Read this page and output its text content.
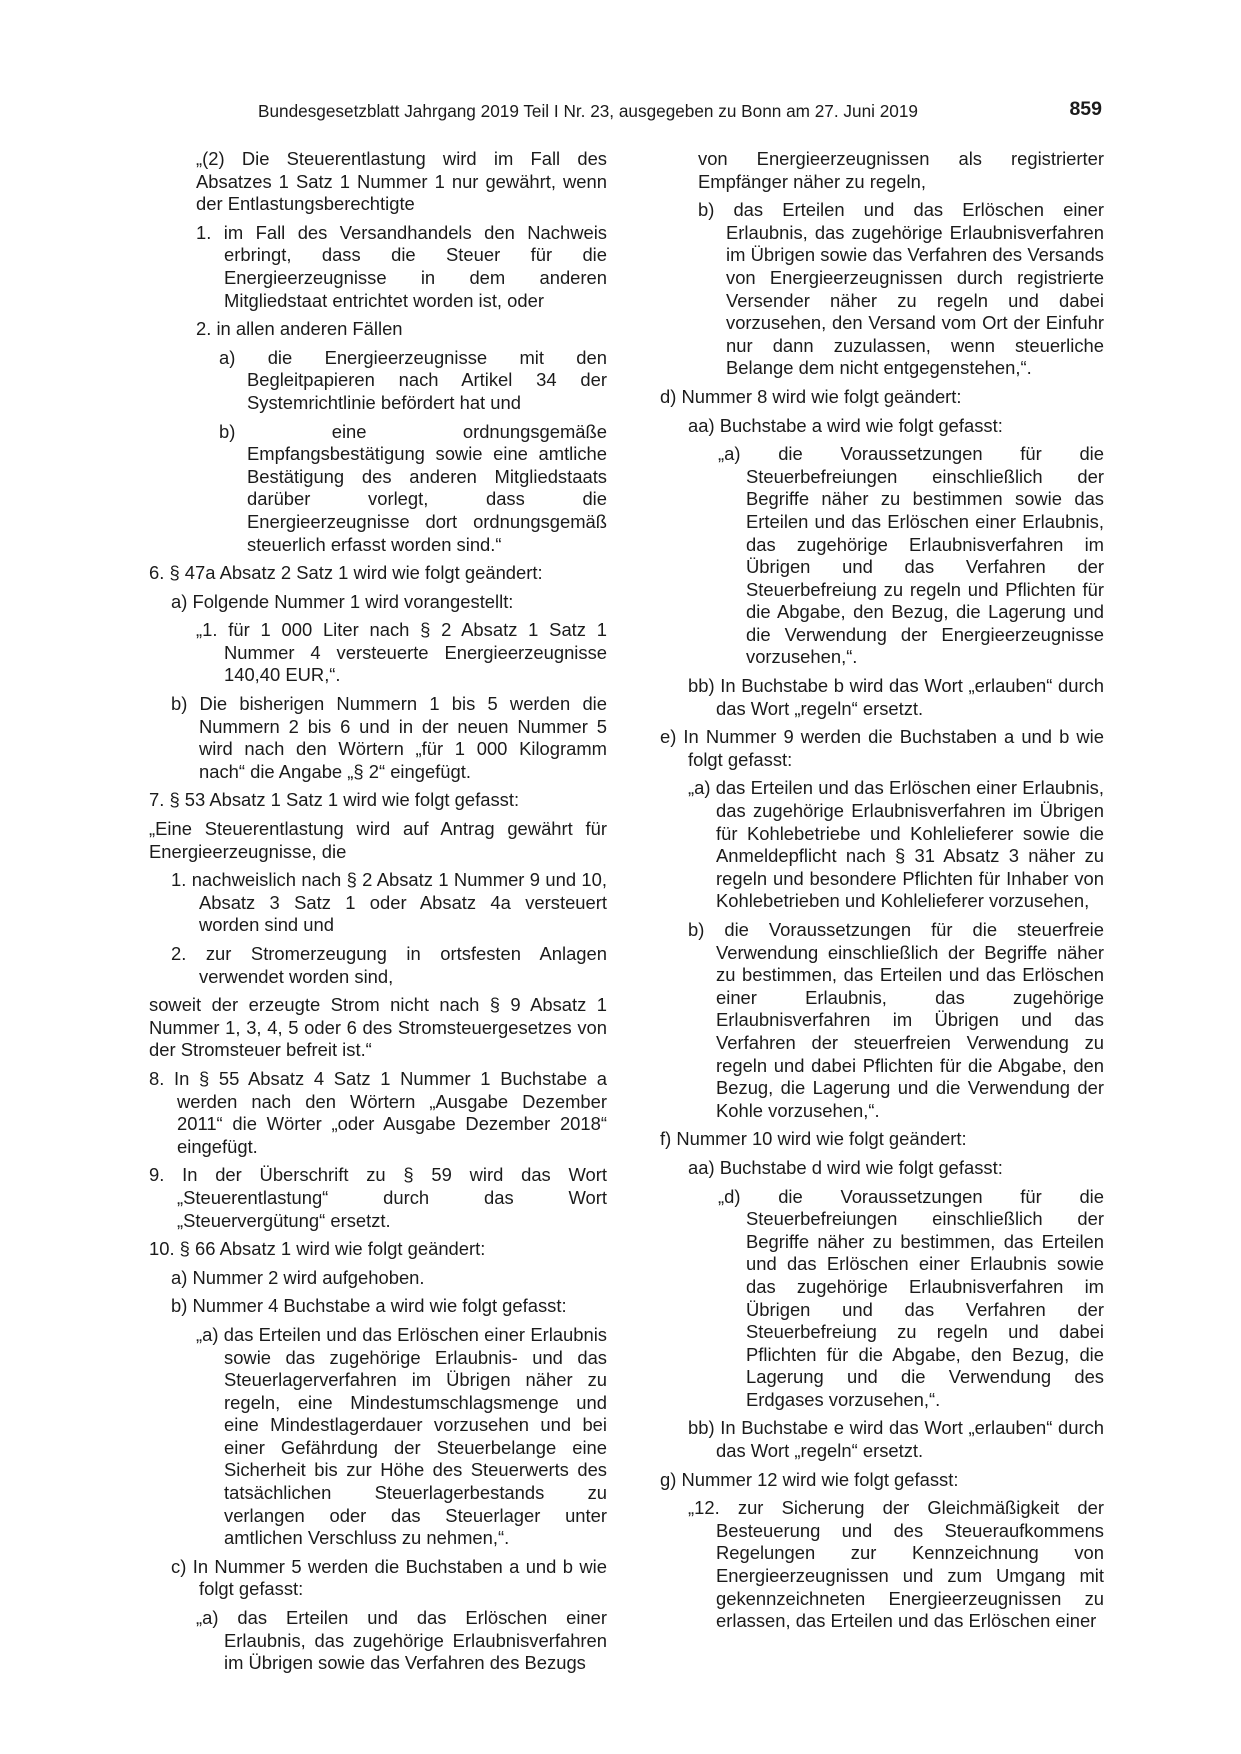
Bundesgesetzblatt Jahrgang 2019 Teil I Nr. 23, ausgegeben zu Bonn am 27. Juni 2019	859

„(2) Die Steuerentlastung wird im Fall des Absatzes 1 Satz 1 Nummer 1 nur gewährt, wenn der Entlastungsberechtigte

1. im Fall des Versandhandels den Nachweis erbringt, dass die Steuer für die Energieerzeugnisse in dem anderen Mitgliedstaat entrichtet worden ist, oder

2. in allen anderen Fällen

a) die Energieerzeugnisse mit den Begleitpapieren nach Artikel 34 der Systemrichtlinie befördert hat und

b) eine ordnungsgemäße Empfangsbestätigung sowie eine amtliche Bestätigung des anderen Mitgliedstaats darüber vorlegt, dass die Energieerzeugnisse dort ordnungsgemäß steuerlich erfasst worden sind.“

6. § 47a Absatz 2 Satz 1 wird wie folgt geändert:

a) Folgende Nummer 1 wird vorangestellt:

„1. für 1 000 Liter nach § 2 Absatz 1 Satz 1 Nummer 4 versteuerte Energieerzeugnisse 140,40 EUR,“.

b) Die bisherigen Nummern 1 bis 5 werden die Nummern 2 bis 6 und in der neuen Nummer 5 wird nach den Wörtern „für 1 000 Kilogramm nach“ die Angabe „§ 2“ eingefügt.

7. § 53 Absatz 1 Satz 1 wird wie folgt gefasst:

„Eine Steuerentlastung wird auf Antrag gewährt für Energieerzeugnisse, die

1. nachweislich nach § 2 Absatz 1 Nummer 9 und 10, Absatz 3 Satz 1 oder Absatz 4a versteuert worden sind und

2. zur Stromerzeugung in ortsfesten Anlagen verwendet worden sind,

soweit der erzeugte Strom nicht nach § 9 Absatz 1 Nummer 1, 3, 4, 5 oder 6 des Stromsteuergesetzes von der Stromsteuer befreit ist.“

8. In § 55 Absatz 4 Satz 1 Nummer 1 Buchstabe a werden nach den Wörtern „Ausgabe Dezember 2011“ die Wörter „oder Ausgabe Dezember 2018“ eingefügt.

9. In der Überschrift zu § 59 wird das Wort „Steuerentlastung“ durch das Wort „Steuervergütung“ ersetzt.

10. § 66 Absatz 1 wird wie folgt geändert:

a) Nummer 2 wird aufgehoben.

b) Nummer 4 Buchstabe a wird wie folgt gefasst:

„a) das Erteilen und das Erlöschen einer Erlaubnis sowie das zugehörige Erlaubnis- und das Steuerlagerverfahren im Übrigen näher zu regeln, eine Mindestumschlagsmenge und eine Mindestlagerdauer vorzusehen und bei einer Gefährdung der Steuerbelange eine Sicherheit bis zur Höhe des Steuerwerts des tatsächlichen Steuerlagerbestands zu verlangen oder das Steuerlager unter amtlichen Verschluss zu nehmen,“.

c) In Nummer 5 werden die Buchstaben a und b wie folgt gefasst:

„a) das Erteilen und das Erlöschen einer Erlaubnis, das zugehörige Erlaubnisverfahren im Übrigen sowie das Verfahren des Bezugs

von Energieerzeugnissen als registrierter Empfänger näher zu regeln,

b) das Erteilen und das Erlöschen einer Erlaubnis, das zugehörige Erlaubnisverfahren im Übrigen sowie das Verfahren des Versands von Energieerzeugnissen durch registrierte Versender näher zu regeln und dabei vorzusehen, den Versand vom Ort der Einfuhr nur dann zuzulassen, wenn steuerliche Belange dem nicht entgegenstehen,“.

d) Nummer 8 wird wie folgt geändert:

aa) Buchstabe a wird wie folgt gefasst:

„a) die Voraussetzungen für die Steuerbefreiungen einschließlich der Begriffe näher zu bestimmen sowie das Erteilen und das Erlöschen einer Erlaubnis, das zugehörige Erlaubnisverfahren im Übrigen und das Verfahren der Steuerbefreiung zu regeln und Pflichten für die Abgabe, den Bezug, die Lagerung und die Verwendung der Energieerzeugnisse vorzusehen,“.

bb) In Buchstabe b wird das Wort „erlauben“ durch das Wort „regeln“ ersetzt.

e) In Nummer 9 werden die Buchstaben a und b wie folgt gefasst:

„a) das Erteilen und das Erlöschen einer Erlaubnis, das zugehörige Erlaubnisverfahren im Übrigen für Kohlebetriebe und Kohlelieferer sowie die Anmeldepflicht nach § 31 Absatz 3 näher zu regeln und besondere Pflichten für Inhaber von Kohlebetrieben und Kohlelieferer vorzusehen,

b) die Voraussetzungen für die steuerfreie Verwendung einschließlich der Begriffe näher zu bestimmen, das Erteilen und das Erlöschen einer Erlaubnis, das zugehörige Erlaubnisverfahren im Übrigen und das Verfahren der steuerfreien Verwendung zu regeln und dabei Pflichten für die Abgabe, den Bezug, die Lagerung und die Verwendung der Kohle vorzusehen,“.

f) Nummer 10 wird wie folgt geändert:

aa) Buchstabe d wird wie folgt gefasst:

„d) die Voraussetzungen für die Steuerbefreiungen einschließlich der Begriffe näher zu bestimmen, das Erteilen und das Erlöschen einer Erlaubnis sowie das zugehörige Erlaubnisverfahren im Übrigen und das Verfahren der Steuerbefreiung zu regeln und dabei Pflichten für die Abgabe, den Bezug, die Lagerung und die Verwendung des Erdgases vorzusehen,“.

bb) In Buchstabe e wird das Wort „erlauben“ durch das Wort „regeln“ ersetzt.

g) Nummer 12 wird wie folgt gefasst:

„12. zur Sicherung der Gleichmäßigkeit der Besteuerung und des Steueraufkommens Regelungen zur Kennzeichnung von Energieerzeugnissen und zum Umgang mit gekennzeichneten Energieerzeugnissen zu erlassen, das Erteilen und das Erlöschen einer
